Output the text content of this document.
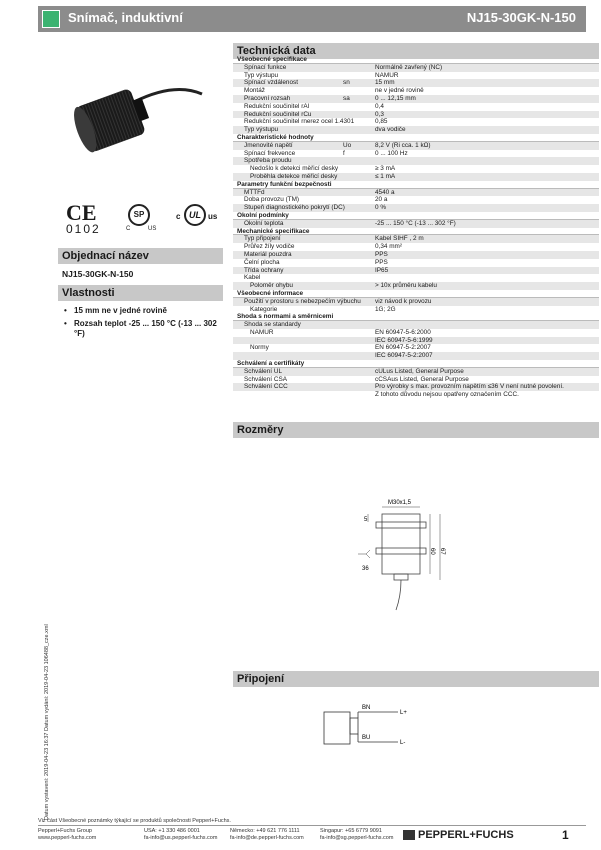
Snímač, induktivní	NJ15-30GK-N-150
CE
0102
SP
C	US
c UL us
Objednací název
NJ15-30GK-N-150
Vlastnosti
• 15 mm ne v jedné rovině
• Rozsah teplot -25 ... 150 °C (-13 ... 302 °F)
Technická data
Všeobecné specifikace
Spínací funkce	Normálně zavřený (NC)
Typ výstupu	NAMUR
Spínací vzdálenost	sn	15 mm
Montáž	ne v jedné rovině
Pracovní rozsah	sa	0 ... 12,15 mm
Redukční součinitel rAl	0,4
Redukční součinitel rCu	0,3
Redukční součinitel rnerez ocel 1.4301	0,85
Typ výstupu	dva vodiče
Charakteristické hodnoty
Jmenovité napětí	Uo	8,2 V (Ri cca. 1 kΩ)
Spínací frekvence	f	0 ... 100 Hz
Spotřeba proudu
Nedošlo k detekci měřicí desky	≥ 3 mA
Proběhla detekce měřicí desky	≤ 1 mA
Parametry funkční bezpečnosti
MTTFd	4540 a
Doba provozu (TM)	20 a
Stupeň diagnostického pokrytí (DC)	0 %
Okolní podmínky
Okolní teplota	-25 ... 150 °C (-13 ... 302 °F)
Mechanické specifikace
Typ připojení	Kabel SIHF , 2 m
Průřez žíly vodiče	0,34 mm²
Materiál pouzdra	PPS
Čelní plocha	PPS
Třída ochrany	IP65
Kabel
Poloměr ohybu	> 10x průměru kabelu
Všeobecné informace
Použití v prostoru s nebezpečím výbuchu viz návod k provozu
Kategorie	1G; 2G
Shoda s normami a směrnicemi
Shoda se standardy
NAMUR	EN 60947-5-6:2000
IEC 60947-5-6:1999
Normy	EN 60947-5-2:2007
IEC 60947-5-2:2007
Schválení a certifikáty
Schválení UL	cULus Listed, General Purpose
Schválení CSA	cCSAus Listed, General Purpose
Schválení CCC	Pro výrobky s max. provozním napětím ≤36 V není nutné povolení.
Z tohoto důvodu nejsou opatřeny označením CCC.
Rozměry
M30x1,5
5
60 67
36
Připojení
BN
BU
L+
L-
Datum vystavení: 2019-04-23 16:37 Datum vydání: 2019-04-23 106488_cze.xml
Viz část Všeobecné poznámky týkající se produktů společnosti Pepperl+Fuchs.
Pepperl+Fuchs Group
www.pepperl-fuchs.com
USA: +1 330 486 0001
fa-info@us.pepperl-fuchs.com
Německo: +49 621 776 1111
fa-info@de.pepperl-fuchs.com
Singapur: +65 6779 9091
fa-info@sg.pepperl-fuchs.com PEPPERL+FUCHS	1
